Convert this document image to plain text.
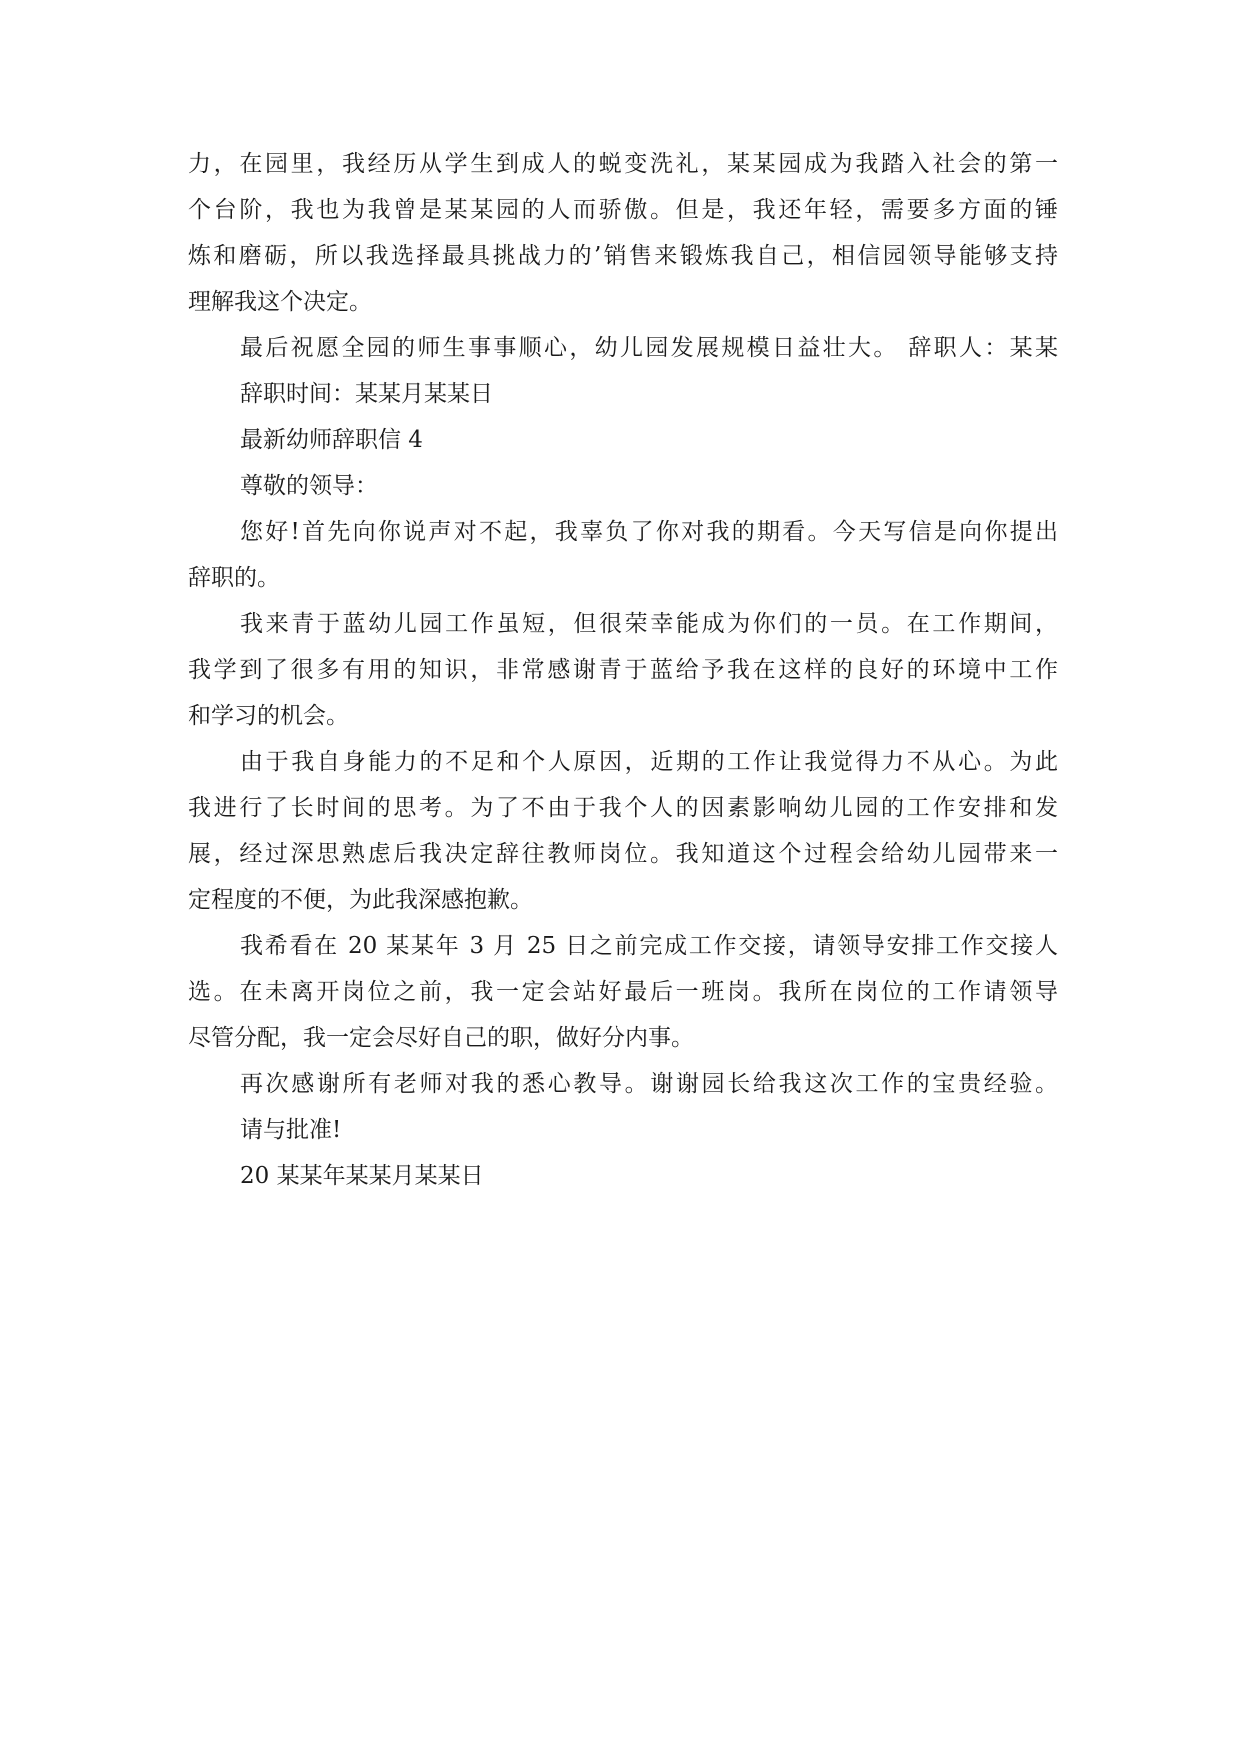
力，在园里，我经历从学生到成人的蜕变洗礼，某某园成为我踏入社会的第一
个台阶，我也为我曾是某某园的人而骄傲。但是，我还年轻，需要多方面的锤
炼和磨砺，所以我选择最具挑战力的’销售来锻炼我自己，相信园领导能够支持
理解我这个决定。
最后祝愿全园的师生事事顺心，幼儿园发展规模日益壮大。 辞职人：某某
辞职时间：某某月某某日
最新幼师辞职信 4
尊敬的领导：
您好!首先向你说声对不起，我辜负了你对我的期看。今天写信是向你提出
辞职的。
我来青于蓝幼儿园工作虽短，但很荣幸能成为你们的一员。在工作期间，
我学到了很多有用的知识，非常感谢青于蓝给予我在这样的良好的环境中工作
和学习的机会。
由于我自身能力的不足和个人原因，近期的工作让我觉得力不从心。为此
我进行了长时间的思考。为了不由于我个人的因素影响幼儿园的工作安排和发
展，经过深思熟虑后我决定辞往教师岗位。我知道这个过程会给幼儿园带来一
定程度的不便，为此我深感抱歉。
我希看在 20 某某年 3 月 25 日之前完成工作交接，请领导安排工作交接人
选。在未离开岗位之前，我一定会站好最后一班岗。我所在岗位的工作请领导
尽管分配，我一定会尽好自己的职，做好分内事。
再次感谢所有老师对我的悉心教导。谢谢园长给我这次工作的宝贵经验。
请与批准!
20 某某年某某月某某日
